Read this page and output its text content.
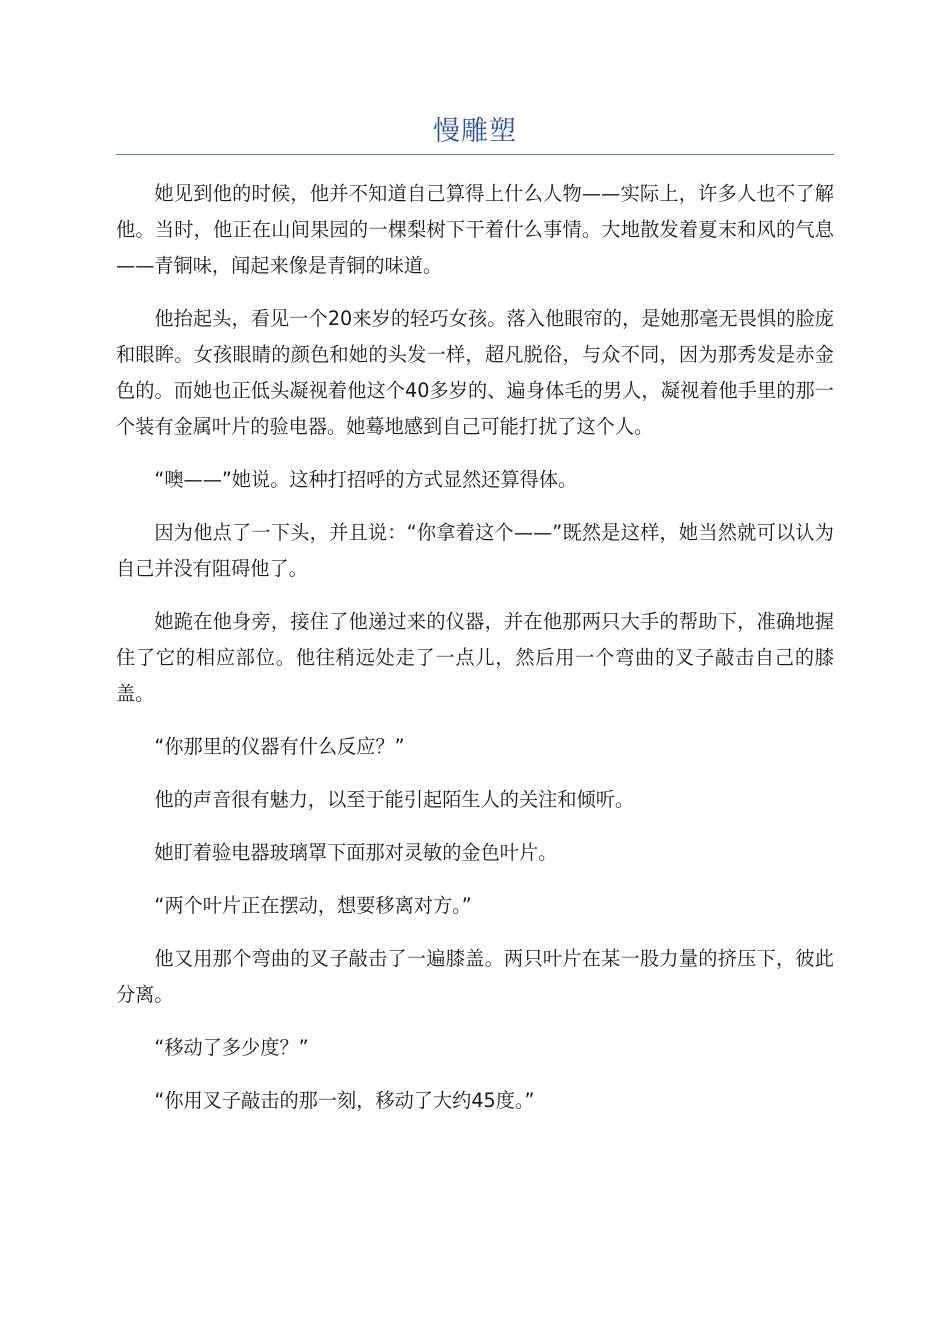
慢雕塑

她见到他的时候，他并不知道自己算得上什么人物——实际上，许多人也不了解他。当时，他正在山间果园的一棵梨树下干着什么事情。大地散发着夏末和风的气息——青铜味，闻起来像是青铜的味道。

他抬起头，看见一个20来岁的轻巧女孩。落入他眼帘的，是她那毫无畏惧的脸庞和眼眸。女孩眼睛的颜色和她的头发一样，超凡脱俗，与众不同，因为那秀发是赤金色的。而她也正低头凝视着他这个40多岁的、遍身体毛的男人，凝视着他手里的那一个装有金属叶片的验电器。她蓦地感到自己可能打扰了这个人。

“噢——”她说。这种打招呼的方式显然还算得体。

因为他点了一下头，并且说：“你拿着这个——”既然是这样，她当然就可以认为自己并没有阻碍他了。

她跪在他身旁，接住了他递过来的仪器，并在他那两只大手的帮助下，准确地握住了它的相应部位。他往稍远处走了一点儿，然后用一个弯曲的叉子敲击自己的膝盖。

“你那里的仪器有什么反应？”

他的声音很有魅力，以至于能引起陌生人的关注和倾听。

她盯着验电器玻璃罩下面那对灵敏的金色叶片。

“两个叶片正在摆动，想要移离对方。”

他又用那个弯曲的叉子敲击了一遍膝盖。两只叶片在某一股力量的挤压下，彼此分离。

“移动了多少度？”

“你用叉子敲击的那一刻，移动了大约45度。”
